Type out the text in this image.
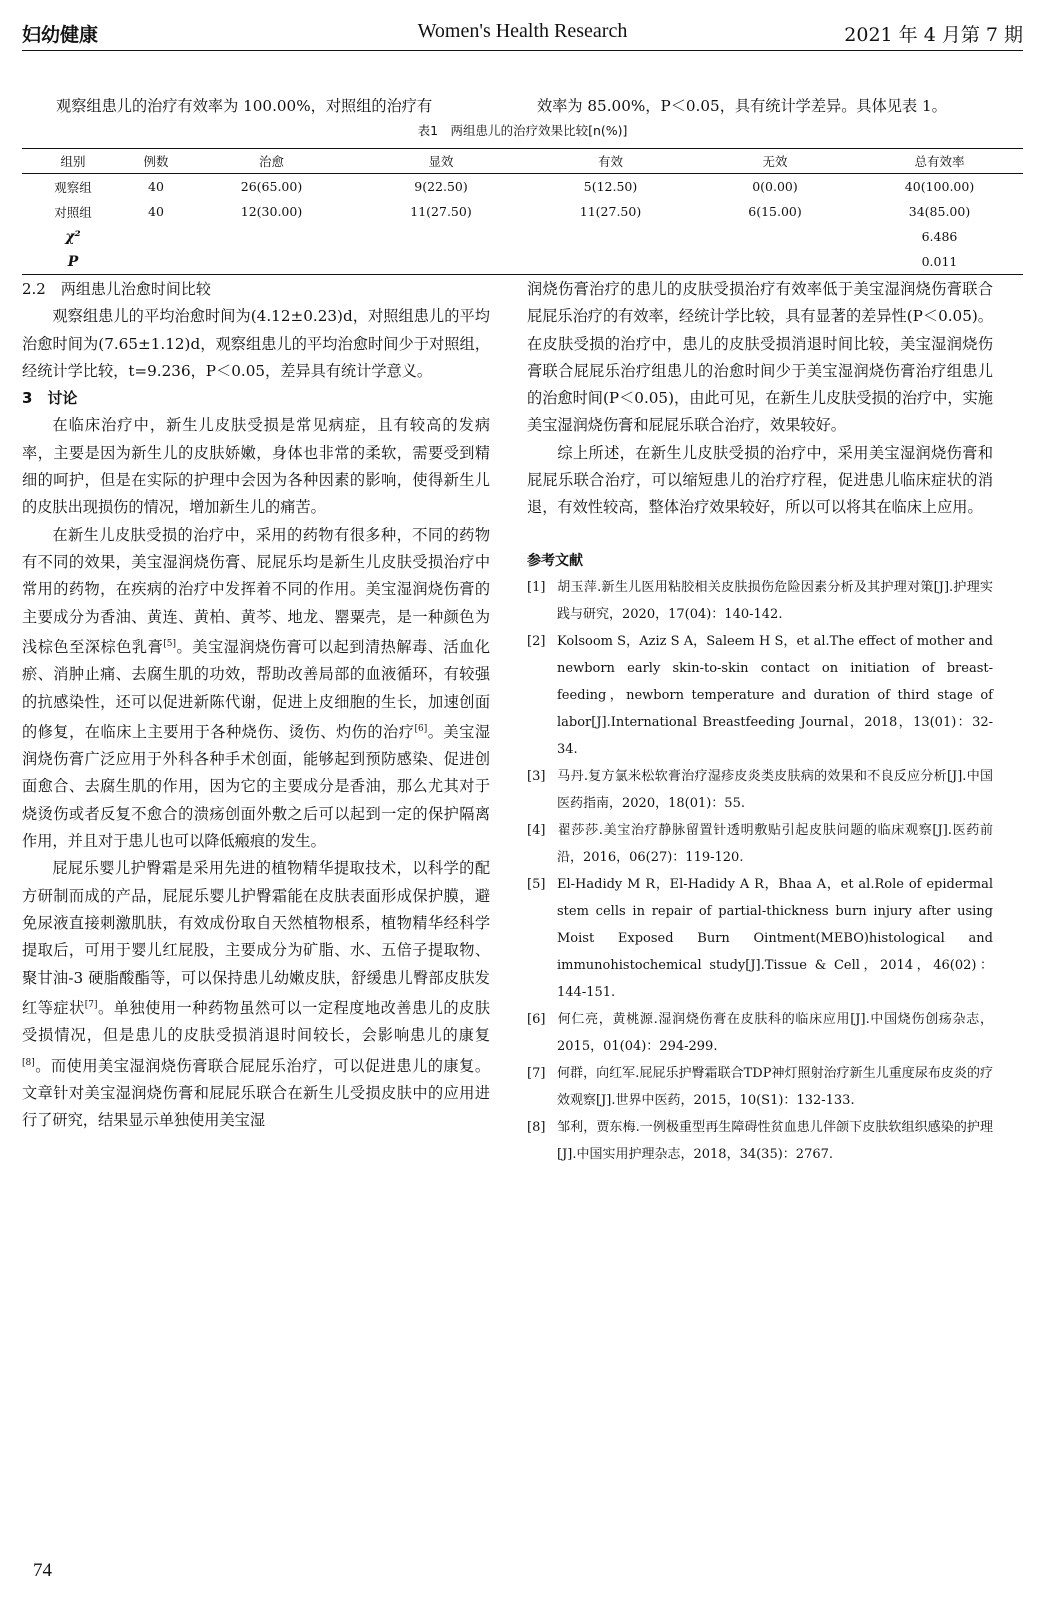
妇幼健康	Women's Health Research	2021 年 4 月第 7 期
观察组患儿的治疗有效率为 100.00%，对照组的治疗有	效率为 85.00%，P＜0.05，具有统计学差异。具体见表 1。
表1　两组患儿的治疗效果比较[n(%)]
组别	例数	治愈	显效	有效	无效	总有效率
观察组	40	26(65.00)	9(22.50)	5(12.50)	0(0.00)	40(100.00)
对照组	40	12(30.00)	11(27.50)	11(27.50)	6(15.00)	34(85.00)
χ²						6.486
P						0.011

2.2　两组患儿治愈时间比较

观察组患儿的平均治愈时间为(4.12±0.23)d，对照组患儿的平均治愈时间为(7.65±1.12)d，观察组患儿的平均治愈时间少于对照组，经统计学比较，t=9.236，P＜0.05，差异具有统计学意义。

3　讨论

在临床治疗中，新生儿皮肤受损是常见病症，且有较高的发病率，主要是因为新生儿的皮肤娇嫩，身体也非常的柔软，需要受到精细的呵护，但是在实际的护理中会因为各种因素的影响，使得新生儿的皮肤出现损伤的情况，增加新生儿的痛苦。

在新生儿皮肤受损的治疗中，采用的药物有很多种，不同的药物有不同的效果，美宝湿润烧伤膏、屁屁乐均是新生儿皮肤受损治疗中常用的药物，在疾病的治疗中发挥着不同的作用。美宝湿润烧伤膏的主要成分为香油、黄连、黄柏、黄芩、地龙、罂粟壳，是一种颜色为浅棕色至深棕色乳膏[5]。美宝湿润烧伤膏可以起到清热解毒、活血化瘀、消肿止痛、去腐生肌的功效，帮助改善局部的血液循环，有较强的抗感染性，还可以促进新陈代谢，促进上皮细胞的生长，加速创面的修复，在临床上主要用于各种烧伤、烫伤、灼伤的治疗[6]。美宝湿润烧伤膏广泛应用于外科各种手术创面，能够起到预防感染、促进创面愈合、去腐生肌的作用，因为它的主要成分是香油，那么尤其对于烧烫伤或者反复不愈合的溃疡创面外敷之后可以起到一定的保护隔离作用，并且对于患儿也可以降低瘢痕的发生。

屁屁乐婴儿护臀霜是采用先进的植物精华提取技术，以科学的配方研制而成的产品，屁屁乐婴儿护臀霜能在皮肤表面形成保护膜，避免尿液直接刺激肌肤，有效成份取自天然植物根系，植物精华经科学提取后，可用于婴儿红屁股，主要成分为矿脂、水、五倍子提取物、聚甘油-3 硬脂酸酯等，可以保持患儿幼嫩皮肤，舒缓患儿臀部皮肤发红等症状[7]。单独使用一种药物虽然可以一定程度地改善患儿的皮肤受损情况，但是患儿的皮肤受损消退时间较长，会影响患儿的康复[8]。而使用美宝湿润烧伤膏联合屁屁乐治疗，可以促进患儿的康复。文章针对美宝湿润烧伤膏和屁屁乐联合在新生儿受损皮肤中的应用进行了研究，结果显示单独使用美宝湿

润烧伤膏治疗的患儿的皮肤受损治疗有效率低于美宝湿润烧伤膏联合屁屁乐治疗的有效率，经统计学比较，具有显著的差异性(P＜0.05)。在皮肤受损的治疗中，患儿的皮肤受损消退时间比较，美宝湿润烧伤膏联合屁屁乐治疗组患儿的治愈时间少于美宝湿润烧伤膏治疗组患儿的治愈时间(P＜0.05)，由此可见，在新生儿皮肤受损的治疗中，实施美宝湿润烧伤膏和屁屁乐联合治疗，效果较好。

综上所述，在新生儿皮肤受损的治疗中，采用美宝湿润烧伤膏和屁屁乐联合治疗，可以缩短患儿的治疗疗程，促进患儿临床症状的消退，有效性较高，整体治疗效果较好，所以可以将其在临床上应用。

参考文献
[1] 胡玉萍.新生儿医用粘胶相关皮肤损伤危险因素分析及其护理对策[J].护理实践与研究，2020，17(04)：140-142.
[2] Kolsoom S，Aziz S A，Saleem H S，et al.The effect of mother and newborn early skin-to-skin contact on initiation of breast-feeding，newborn temperature and duration of third stage of labor[J].International Breastfeeding Journal，2018，13(01)：32-34.
[3] 马丹.复方氯米松软膏治疗湿疹皮炎类皮肤病的效果和不良反应分析[J].中国医药指南，2020，18(01)：55.
[4] 翟莎莎.美宝治疗静脉留置针透明敷贴引起皮肤问题的临床观察[J].医药前沿，2016，06(27)：119-120.
[5] El-Hadidy M R，El-Hadidy A R，Bhaa A，et al.Role of epidermal stem cells in repair of partial-thickness burn injury after using Moist Exposed Burn Ointment(MEBO)histological and immunohistochemical study[J].Tissue & Cell，2014，46(02)：144-151.
[6] 何仁亮，黄桃源.湿润烧伤膏在皮肤科的临床应用[J].中国烧伤创疡杂志，2015，01(04)：294-299.
[7] 何群，向红军.屁屁乐护臀霜联合TDP神灯照射治疗新生儿重度尿布皮炎的疗效观察[J].世界中医药，2015，10(S1)：132-133.
[8] 邹利，贾东梅.一例极重型再生障碍性贫血患儿伴颌下皮肤软组织感染的护理[J].中国实用护理杂志，2018，34(35)：2767.
74
